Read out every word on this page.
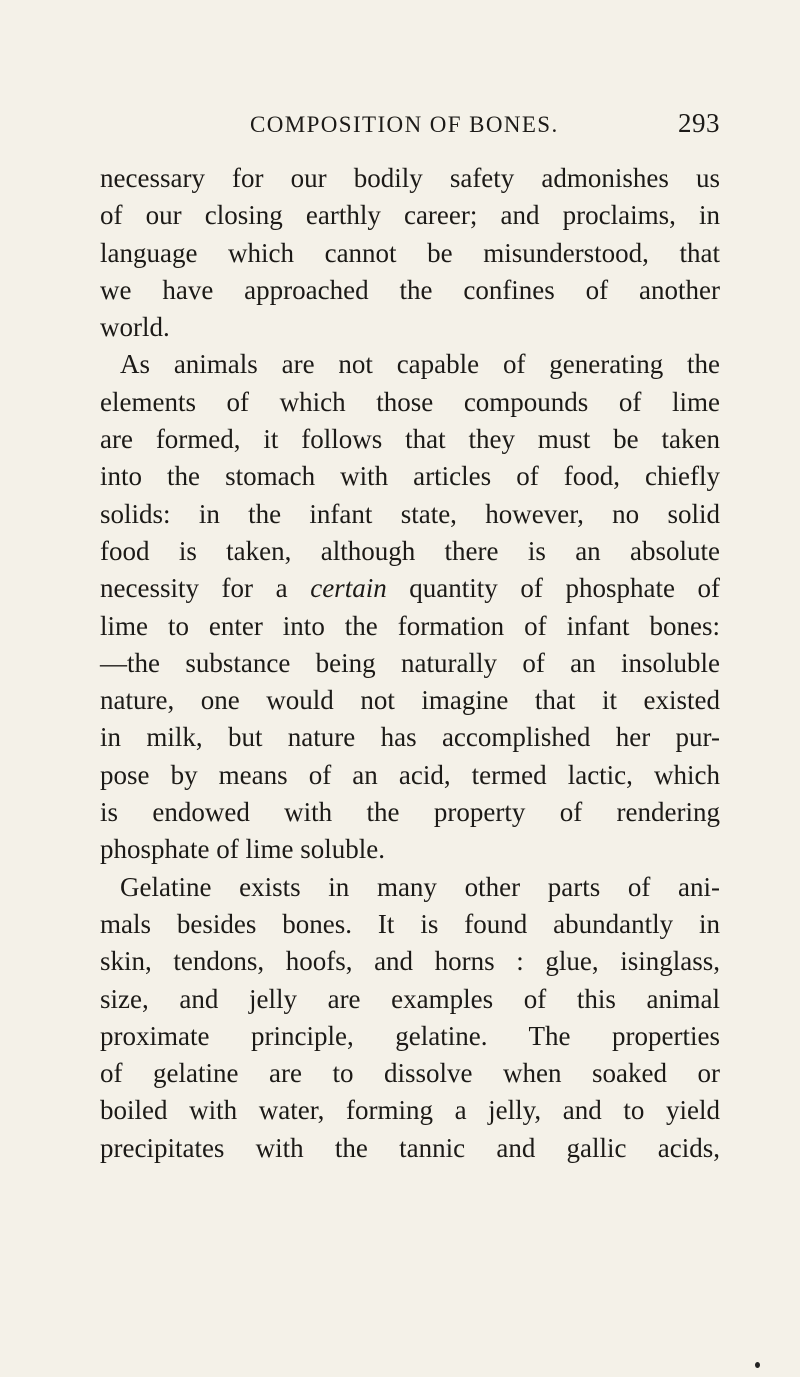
COMPOSITION OF BONES.	293
necessary for our bodily safety admonishes us
of our closing earthly career; and proclaims, in
language which cannot be misunderstood, that
we have approached the confines of another
world.
As animals are not capable of generating the
elements of which those compounds of lime
are formed, it follows that they must be taken
into the stomach with articles of food, chiefly
solids: in the infant state, however, no solid
food is taken, although there is an absolute
necessity for a certain quantity of phosphate of
lime to enter into the formation of infant bones:
—the substance being naturally of an insoluble
nature, one would not imagine that it existed
in milk, but nature has accomplished her pur-
pose by means of an acid, termed lactic, which
is endowed with the property of rendering
phosphate of lime soluble.
Gelatine exists in many other parts of ani-
mals besides bones. It is found abundantly in
skin, tendons, hoofs, and horns : glue, isinglass,
size, and jelly are examples of this animal
proximate principle, gelatine. The properties
of gelatine are to dissolve when soaked or
boiled with water, forming a jelly, and to yield
precipitates with the tannic and gallic acids,
